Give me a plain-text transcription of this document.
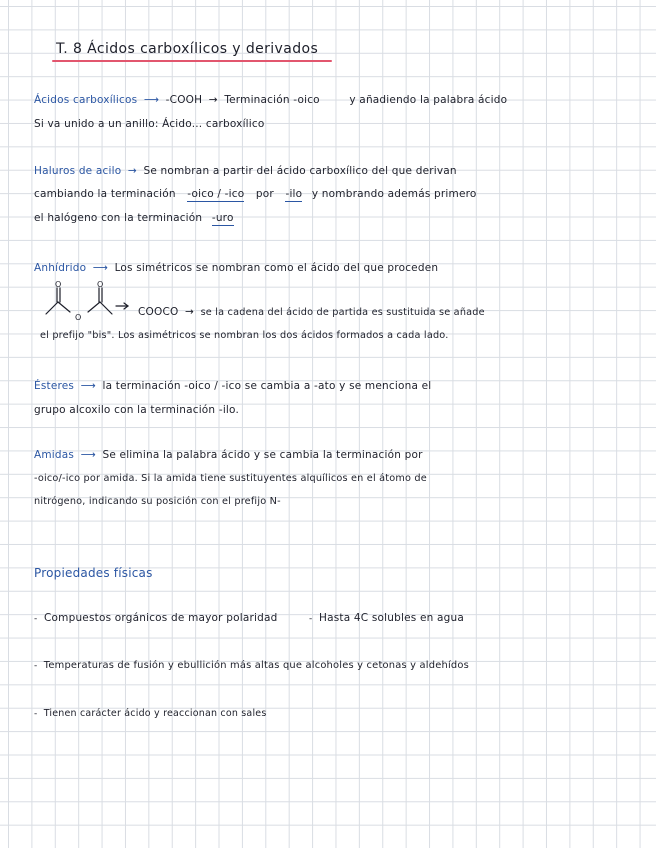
T. 8 Ácidos carboxílicos y derivados
Ácidos carboxílicos ⟶ -COOH → Terminación -oico	y añadiendo la palabra ácido
Si va unido a un anillo: Ácido... carboxílico
Haluros de acilo → Se nombran a partir del ácido carboxílico del que derivan
cambiando la terminación -oico / -ico por -ilo y nombrando además primero
el halógeno con la terminación -uro
Anhídrido ⟶ Los simétricos se nombran como el ácido del que proceden
O	O
O	COOCO → se la cadena del ácido de partida es sustituida se añade
el prefijo "bis". Los asimétricos se nombran los dos ácidos formados a cada lado.
Ésteres ⟶ la terminación -oico / -ico se cambia a -ato y se menciona el
grupo alcoxilo con la terminación -ilo.
Amidas ⟶ Se elimina la palabra ácido y se cambia la terminación por
-oico/-ico por amida. Si la amida tiene sustituyentes alquílicos en el átomo de
nitrógeno, indicando su posición con el prefijo N-
Propiedades físicas
- Compuestos orgánicos de mayor polaridad	- Hasta 4C solubles en agua
- Temperaturas de fusión y ebullición más altas que alcoholes y cetonas y aldehídos
- Tienen carácter ácido y reaccionan con sales
